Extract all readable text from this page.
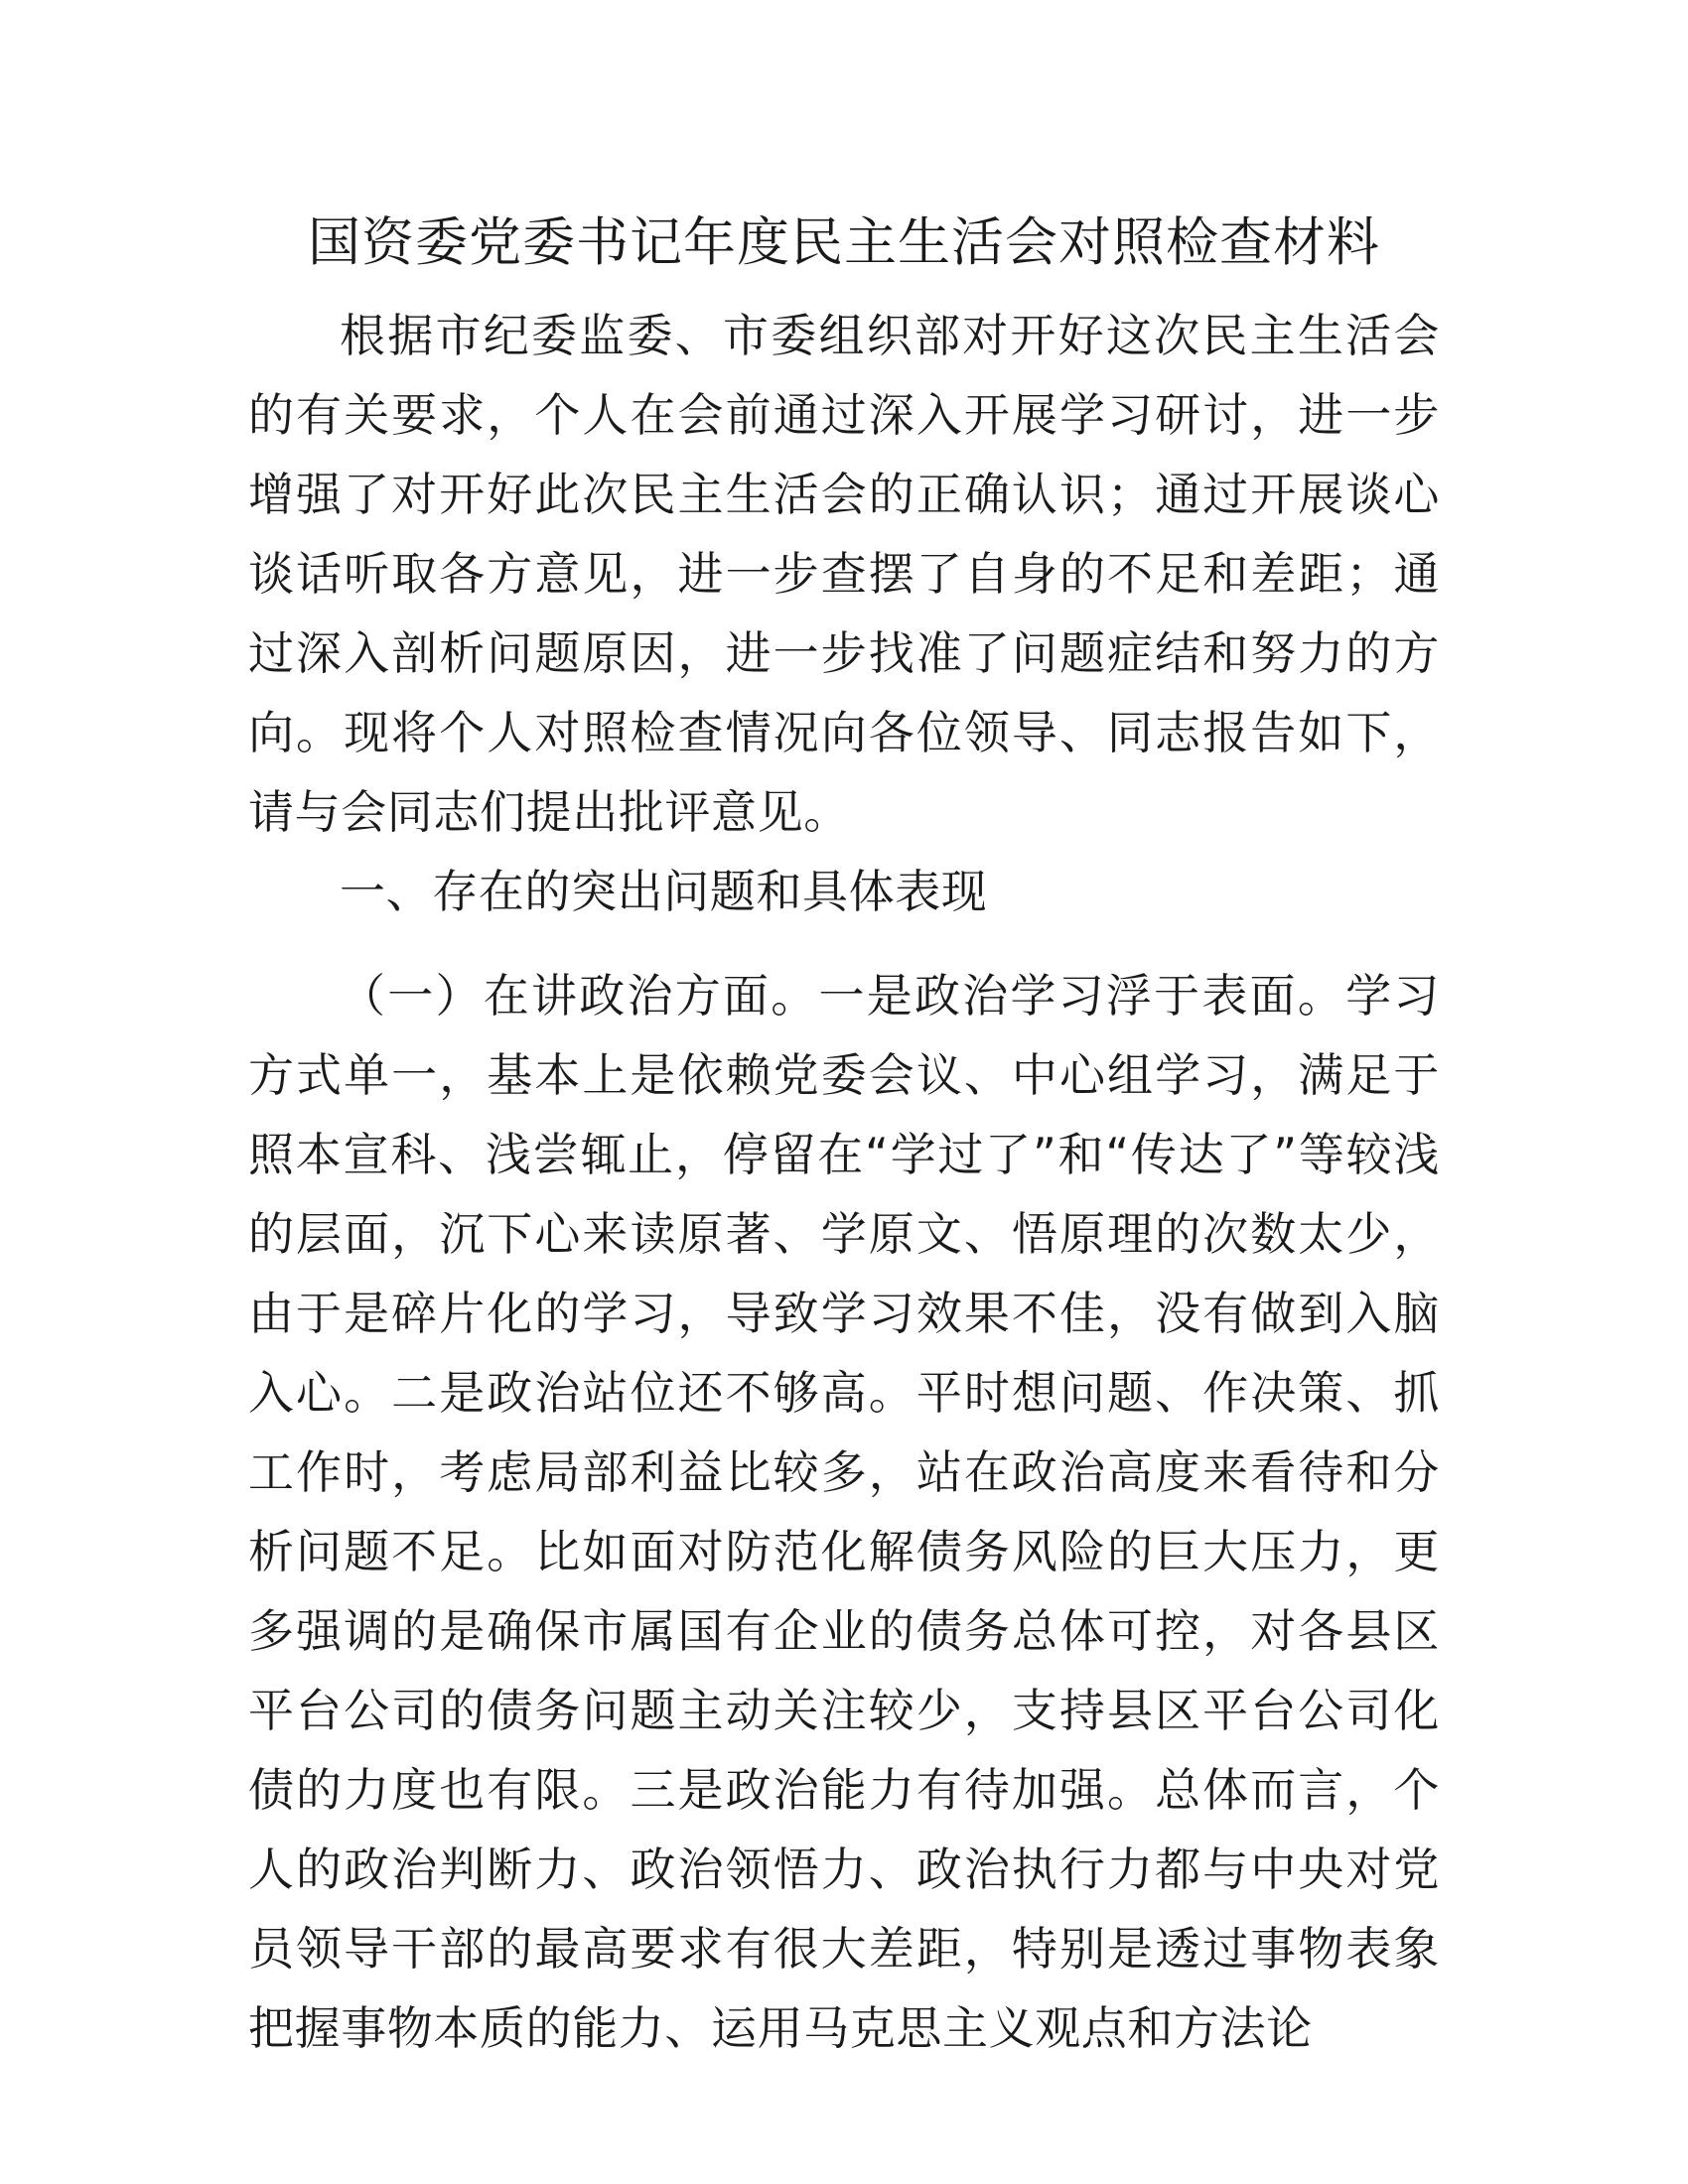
国资委党委书记年度民主生活会对照检查材料

根据市纪委监委、市委组织部对开好这次民主生活会的有关要求，个人在会前通过深入开展学习研讨，进一步增强了对开好此次民主生活会的正确认识；通过开展谈心谈话听取各方意见，进一步查摆了自身的不足和差距；通过深入剖析问题原因，进一步找准了问题症结和努力的方向。现将个人对照检查情况向各位领导、同志报告如下，请与会同志们提出批评意见。

一、存在的突出问题和具体表现

（一）在讲政治方面。一是政治学习浮于表面。学习方式单一，基本上是依赖党委会议、中心组学习，满足于照本宣科、浅尝辄止，停留在“学过了”和“传达了”等较浅的层面，沉下心来读原著、学原文、悟原理的次数太少，由于是碎片化的学习，导致学习效果不佳，没有做到入脑入心。二是政治站位还不够高。平时想问题、作决策、抓工作时，考虑局部利益比较多，站在政治高度来看待和分析问题不足。比如面对防范化解债务风险的巨大压力，更多强调的是确保市属国有企业的债务总体可控，对各县区平台公司的债务问题主动关注较少，支持县区平台公司化债的力度也有限。三是政治能力有待加强。总体而言，个人的政治判断力、政治领悟力、政治执行力都与中央对党员领导干部的最高要求有很大差距，特别是透过事物表象把握事物本质的能力、运用马克思主义观点和方法论
